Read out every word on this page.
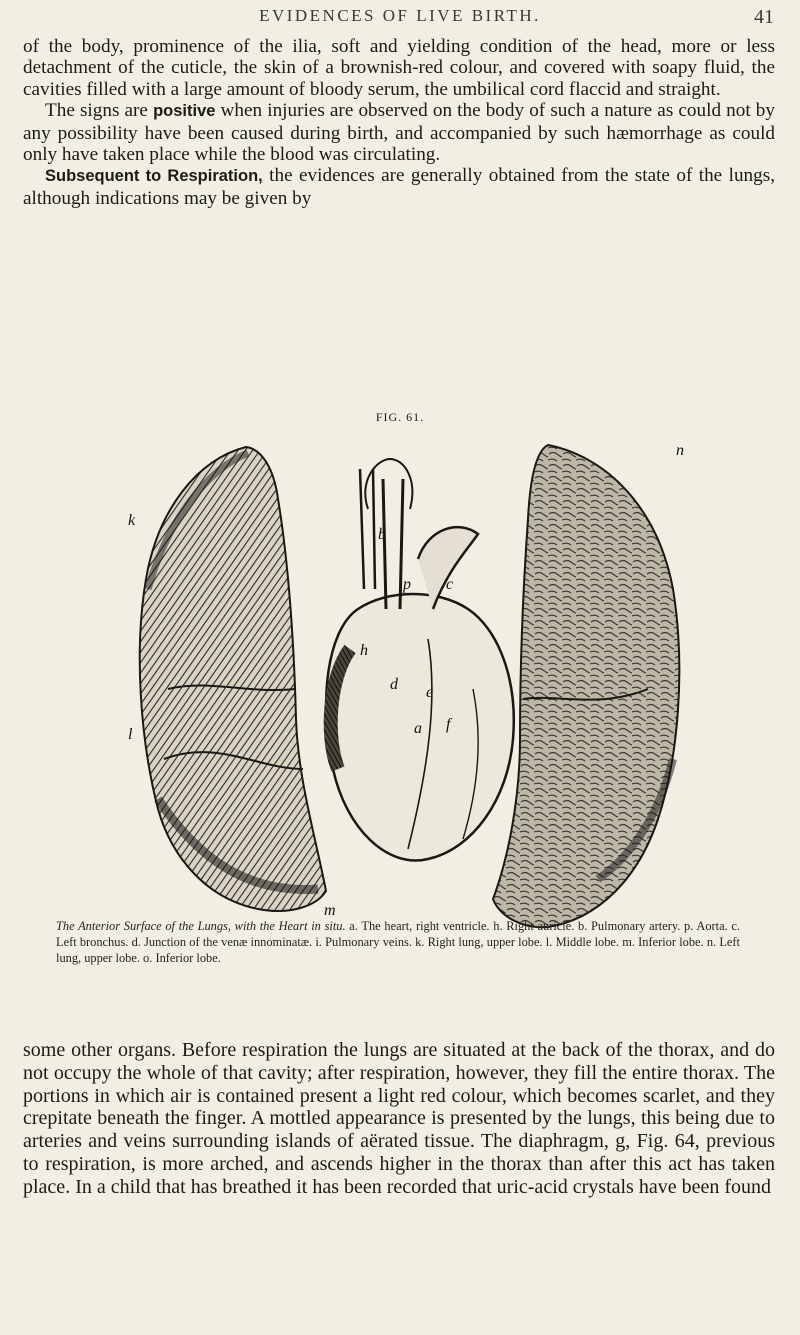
EVIDENCES OF LIVE BIRTH.	41

of the body, prominence of the ilia, soft and yielding condition of the head, more or less detachment of the cuticle, the skin of a brownish-red colour, and covered with soapy fluid, the cavities filled with a large amount of bloody serum, the umbilical cord flaccid and straight.

The signs are positive when injuries are observed on the body of such a nature as could not by any possibility have been caused during birth, and accompanied by such hæmorrhage as could only have taken place while the blood was circulating.

Subsequent to Respiration, the evidences are generally obtained from the state of the lungs, although indications may be given by

FIG. 61.
k
l
m
n
b
p c
h
d e
a f
The Anterior Surface of the Lungs, with the Heart in situ. a. The heart, right ventricle. h. Right auricle. b. Pulmonary artery. p. Aorta. c. Left bronchus. d. Junction of the venæ innominatæ. i. Pulmonary veins. k. Right lung, upper lobe. l. Middle lobe. m. Inferior lobe. n. Left lung, upper lobe. o. Inferior lobe.

some other organs. Before respiration the lungs are situated at the back of the thorax, and do not occupy the whole of that cavity; after respiration, however, they fill the entire thorax. The portions in which air is contained present a light red colour, which becomes scarlet, and they crepitate beneath the finger. A mottled appearance is presented by the lungs, this being due to arteries and veins surrounding islands of aërated tissue. The diaphragm, g, Fig. 64, previous to respiration, is more arched, and ascends higher in the thorax than after this act has taken place. In a child that has breathed it has been recorded that uric-acid crystals have been found
